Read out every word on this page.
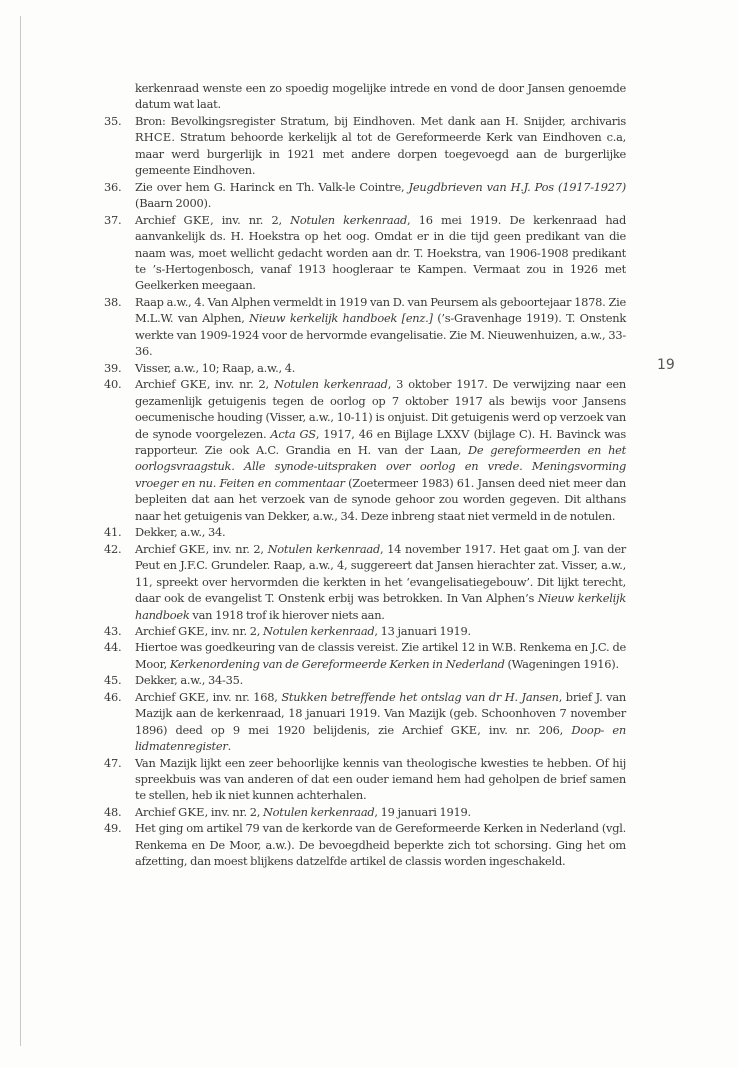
kerkenraad wenste een zo spoedig mogelijke intrede en vond de door Jansen genoemde datum wat laat.

35. Bron: Bevolkingsregister Stratum, bij Eindhoven. Met dank aan H. Snijder, archivaris RHCE. Stratum behoorde kerkelijk al tot de Gereformeerde Kerk van Eindhoven c.a, maar werd burgerlijk in 1921 met andere dorpen toegevoegd aan de burgerlijke gemeente Eindhoven.

36. Zie over hem G. Harinck en Th. Valk-le Cointre, Jeugdbrieven van H.J. Pos (1917-1927) (Baarn 2000).

37. Archief GKE, inv. nr. 2, Notulen kerkenraad, 16 mei 1919. De kerkenraad had aanvankelijk ds. H. Hoekstra op het oog. Omdat er in die tijd geen predikant van die naam was, moet wellicht gedacht worden aan dr. T. Hoekstra, van 1906-1908 predikant te ’s-Hertogenbosch, vanaf 1913 hoogleraar te Kampen. Vermaat zou in 1926 met Geelkerken meegaan.

38. Raap a.w., 4. Van Alphen vermeldt in 1919 van D. van Peursem als geboortejaar 1878. Zie M.L.W. van Alphen, Nieuw kerkelijk handboek [enz.] (’s-Gravenhage 1919). T. Onstenk werkte van 1909-1924 voor de hervormde evangelisatie. Zie M. Nieuwenhuizen, a.w., 33-36.

39. Visser, a.w., 10; Raap, a.w., 4.

40. Archief GKE, inv. nr. 2, Notulen kerkenraad, 3 oktober 1917. De verwijzing naar een gezamenlijk getuigenis tegen de oorlog op 7 oktober 1917 als bewijs voor Jansens oecumenische houding (Visser, a.w., 10-11) is onjuist. Dit getuigenis werd op verzoek van de synode voorgelezen. Acta GS, 1917, 46 en Bijlage LXXV (bijlage C). H. Bavinck was rapporteur. Zie ook A.C. Grandia en H. van der Laan, De gereformeerden en het oorlogsvraagstuk. Alle synode-uitspraken over oorlog en vrede. Meningsvorming vroeger en nu. Feiten en commentaar (Zoetermeer 1983) 61. Jansen deed niet meer dan bepleiten dat aan het verzoek van de synode gehoor zou worden gegeven. Dit althans naar het getuigenis van Dekker, a.w., 34. Deze inbreng staat niet vermeld in de notulen.

41. Dekker, a.w., 34.

42. Archief GKE, inv. nr. 2, Notulen kerkenraad, 14 november 1917. Het gaat om J. van der Peut en J.F.C. Grundeler. Raap, a.w., 4, suggereert dat Jansen hierachter zat. Visser, a.w., 11, spreekt over hervormden die kerkten in het ‘evangelisatiegebouw’. Dit lijkt terecht, daar ook de evangelist T. Onstenk erbij was betrokken. In Van Alphen’s Nieuw kerkelijk handboek van 1918 trof ik hierover niets aan.

43. Archief GKE, inv. nr. 2, Notulen kerkenraad, 13 januari 1919.

44. Hiertoe was goedkeuring van de classis vereist. Zie artikel 12 in W.B. Renkema en J.C. de Moor, Kerkenordening van de Gereformeerde Kerken in Nederland (Wageningen 1916).

45. Dekker, a.w., 34-35.

46. Archief GKE, inv. nr. 168, Stukken betreffende het ontslag van dr H. Jansen, brief J. van Mazijk aan de kerkenraad, 18 januari 1919. Van Mazijk (geb. Schoonhoven 7 november 1896) deed op 9 mei 1920 belijdenis, zie Archief GKE, inv. nr. 206, Doop- en lidmatenregister.

47. Van Mazijk lijkt een zeer behoorlijke kennis van theologische kwesties te hebben. Of hij spreekbuis was van anderen of dat een ouder iemand hem had geholpen de brief samen te stellen, heb ik niet kunnen achterhalen.

48. Archief GKE, inv. nr. 2, Notulen kerkenraad, 19 januari 1919.

49. Het ging om artikel 79 van de kerkorde van de Gereformeerde Kerken in Nederland (vgl. Renkema en De Moor, a.w.). De bevoegdheid beperkte zich tot schorsing. Ging het om afzetting, dan moest blijkens datzelfde artikel de classis worden ingeschakeld.

19
